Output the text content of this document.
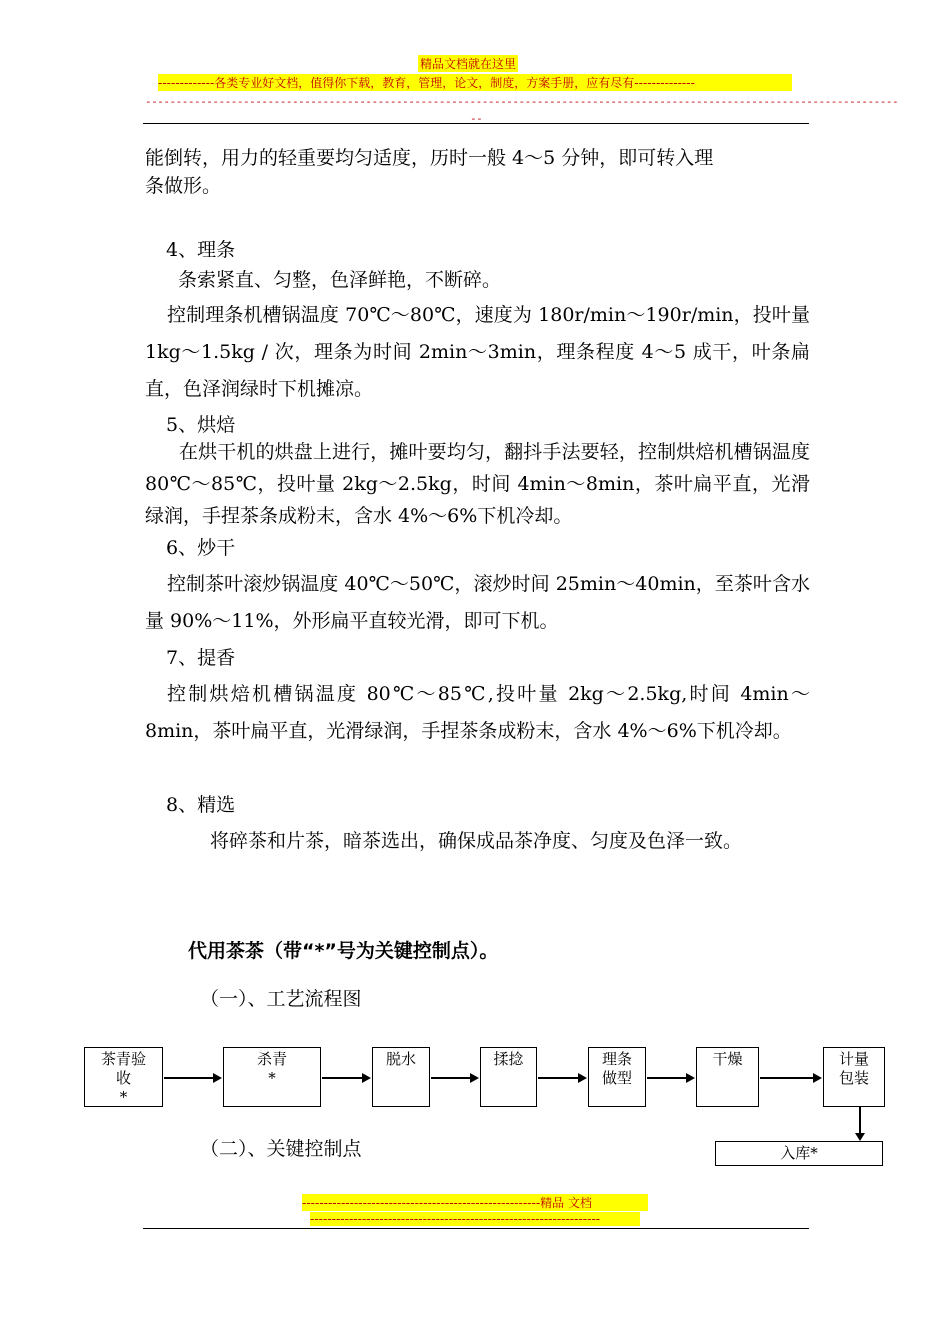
精品文档就在这里
-------------各类专业好文档，值得你下载，教育，管理，论文，制度，方案手册，应有尽有--------------
---------------------------------------------------------------------------------------------------------------------------
--
能倒转，用力的轻重要均匀适度，历时一般 4～5 分钟，即可转入理
条做形。
4、理条
条索紧直、匀整，色泽鲜艳，不断碎。
控制理条机槽锅温度 70℃～80℃，速度为 180r/min～190r/min，投叶量 1kg～1.5kg / 次，理条为时间 2min～3min，理条程度 4～5 成干，叶条扁直，色泽润绿时下机摊凉。
5、烘焙
在烘干机的烘盘上进行，摊叶要均匀，翻抖手法要轻，控制烘焙机槽锅温度 80℃～85℃，投叶量 2kg～2.5kg，时间 4min～8min，茶叶扁平直，光滑绿润，手捏茶条成粉末，含水 4%～6%下机冷却。
6、炒干
控制茶叶滚炒锅温度 40℃～50℃，滚炒时间 25min～40min，至茶叶含水量 90%～11%，外形扁平直较光滑，即可下机。
7、提香
控制烘焙机槽锅温度 80℃～85℃,投叶量 2kg～2.5kg,时间 4min～8min，茶叶扁平直，光滑绿润，手捏茶条成粉末，含水 4%～6%下机冷却。
8、精选
将碎茶和片茶，暗茶选出，确保成品茶净度、匀度及色泽一致。
代用茶茶（带“*”号为关键控制点）。
（一）、工艺流程图
茶青验
收
*
杀青
*
脱水	揉捻	理条
做型
干燥	计量
包装
入库*
（二）、关键控制点
-------------------------------------------------------精品 文档
-------------------------------------------------------------------
